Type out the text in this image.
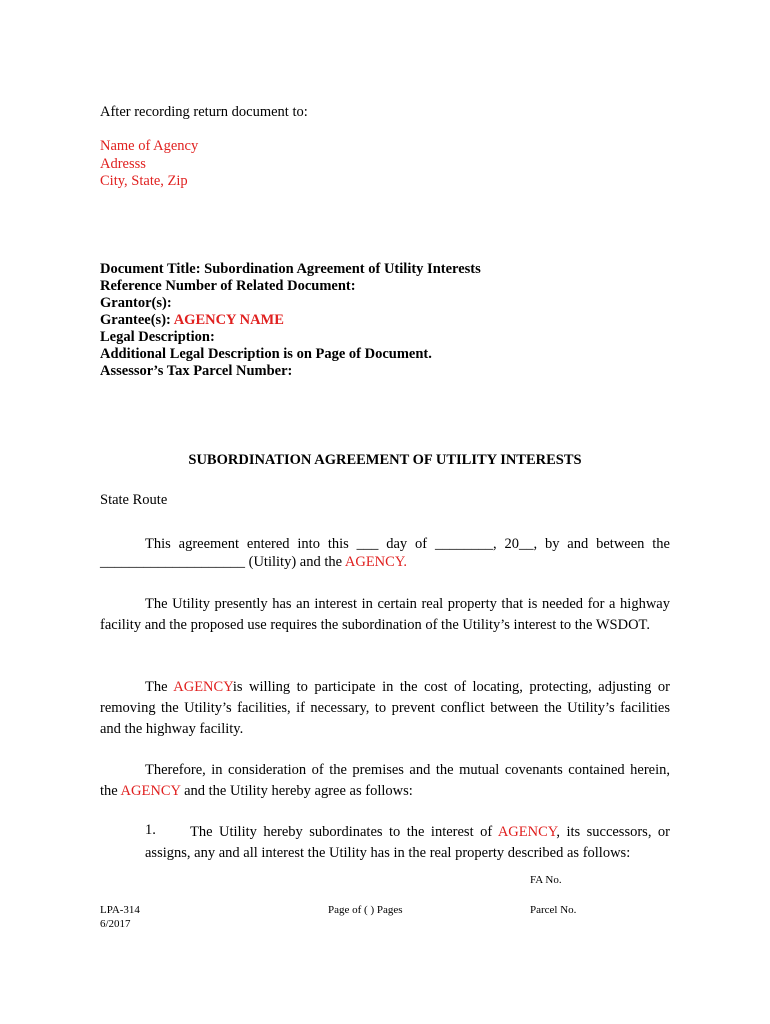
After recording return document to:
Name of Agency
Adresss
City, State, Zip
Document Title: Subordination Agreement of Utility Interests
Reference Number of Related Document:
Grantor(s):
Grantee(s): AGENCY NAME
Legal Description:
Additional Legal Description is on Page of Document.
Assessor’s Tax Parcel Number:
SUBORDINATION AGREEMENT OF UTILITY INTERESTS
State Route
This agreement entered into this ___ day of ________, 20__, by and between the
____________________ (Utility) and the AGENCY.
The Utility presently has an interest in certain real property that is needed for a highway facility and the proposed use requires the subordination of the Utility’s interest to the WSDOT.
The AGENCYis willing to participate in the cost of locating, protecting, adjusting or removing the Utility’s facilities, if necessary, to prevent conflict between the Utility’s facilities and the highway facility.
Therefore, in consideration of the premises and the mutual covenants contained herein, the AGENCY and the Utility hereby agree as follows:
1. The Utility hereby subordinates to the interest of AGENCY, its successors, or
assigns, any and all interest the Utility has in the real property described as follows:
FA No.
LPA-314
6/2017
Page of ( ) Pages	Parcel No.
